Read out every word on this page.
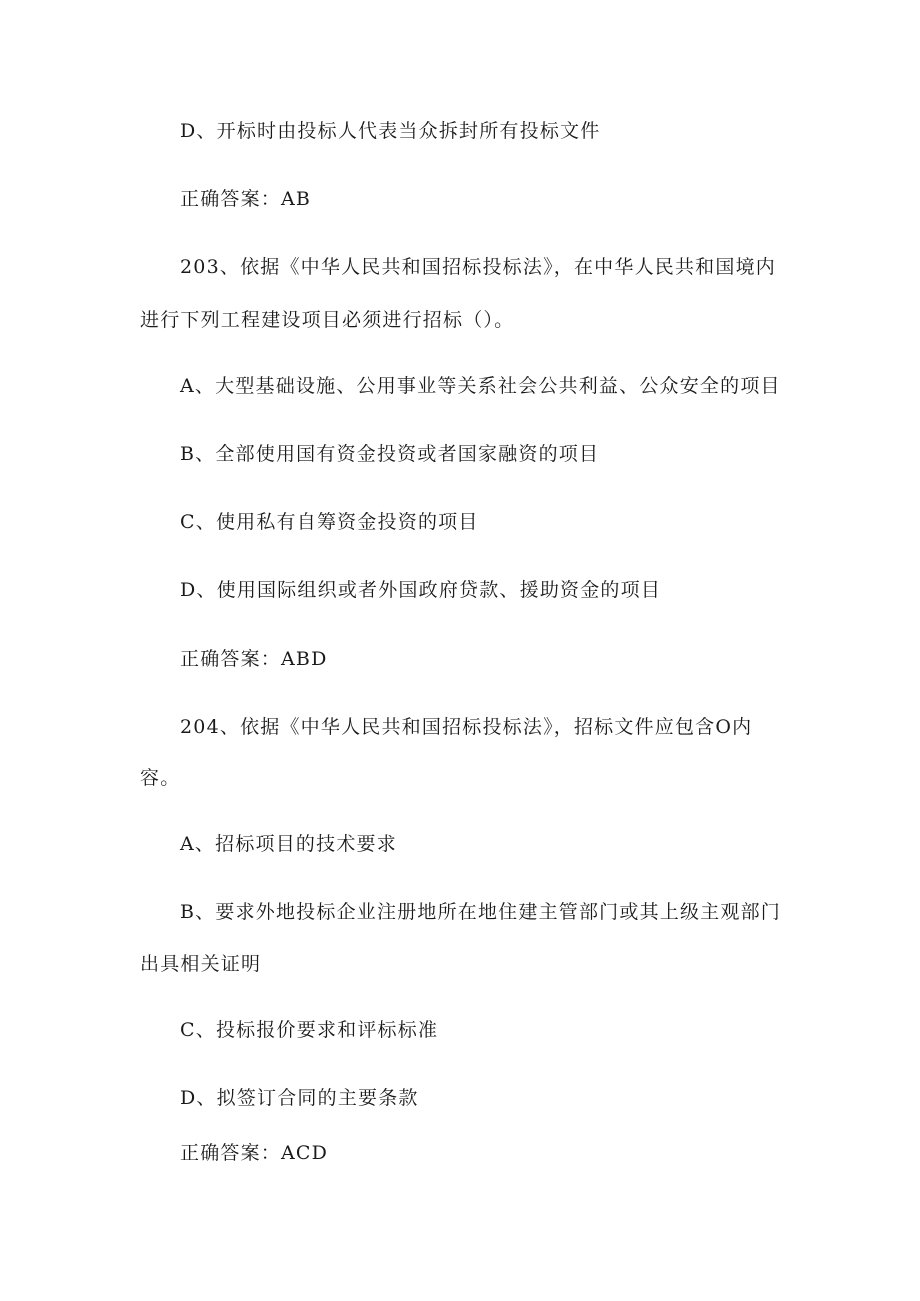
D、开标时由投标人代表当众拆封所有投标文件

正确答案：AB

203、依据《中华人民共和国招标投标法》，在中华人民共和国境内

进行下列工程建设项目必须进行招标（）。

A、大型基础设施、公用事业等关系社会公共利益、公众安全的项目

B、全部使用国有资金投资或者国家融资的项目

C、使用私有自筹资金投资的项目

D、使用国际组织或者外国政府贷款、援助资金的项目

正确答案：ABD

204、依据《中华人民共和国招标投标法》，招标文件应包含O内

容。

A、招标项目的技术要求

B、要求外地投标企业注册地所在地住建主管部门或其上级主观部门

出具相关证明

C、投标报价要求和评标标准

D、拟签订合同的主要条款

正确答案：ACD
